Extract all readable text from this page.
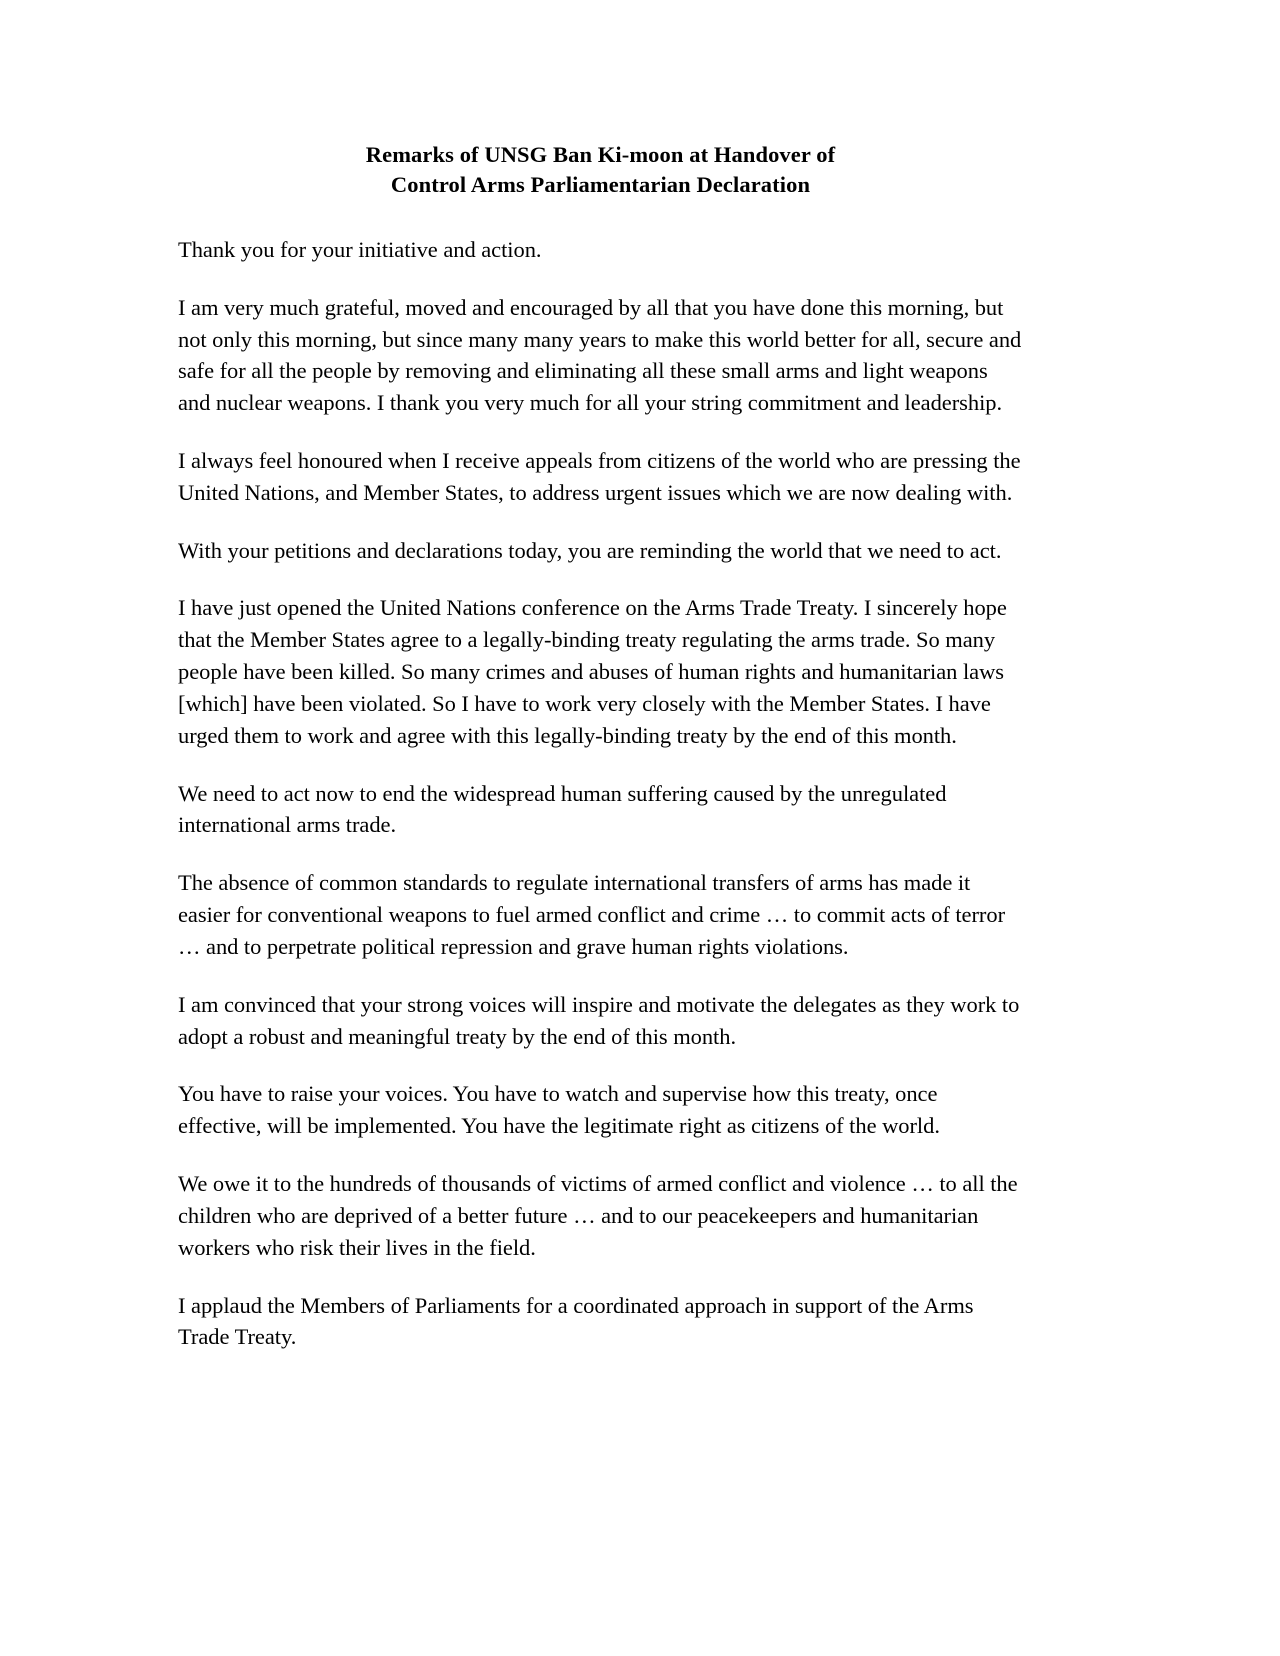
Remarks of UNSG Ban Ki-moon at Handover of
Control Arms Parliamentarian Declaration

Thank you for your initiative and action.

I am very much grateful, moved and encouraged by all that you have done this morning, but not only this morning, but since many many years to make this world better for all, secure and safe for all the people by removing and eliminating all these small arms and light weapons and nuclear weapons. I thank you very much for all your string commitment and leadership.

I always feel honoured when I receive appeals from citizens of the world who are pressing the United Nations, and Member States, to address urgent issues which we are now dealing with.

With your petitions and declarations today, you are reminding the world that we need to act.

I have just opened the United Nations conference on the Arms Trade Treaty. I sincerely hope that the Member States agree to a legally-binding treaty regulating the arms trade. So many people have been killed. So many crimes and abuses of human rights and humanitarian laws [which] have been violated. So I have to work very closely with the Member States. I have urged them to work and agree with this legally-binding treaty by the end of this month.

We need to act now to end the widespread human suffering caused by the unregulated international arms trade.

The absence of common standards to regulate international transfers of arms has made it easier for conventional weapons to fuel armed conflict and crime … to commit acts of terror … and to perpetrate political repression and grave human rights violations.

I am convinced that your strong voices will inspire and motivate the delegates as they work to adopt a robust and meaningful treaty by the end of this month.

You have to raise your voices. You have to watch and supervise how this treaty, once effective, will be implemented. You have the legitimate right as citizens of the world.

We owe it to the hundreds of thousands of victims of armed conflict and violence … to all the children who are deprived of a better future … and to our peacekeepers and humanitarian workers who risk their lives in the field.

I applaud the Members of Parliaments for a coordinated approach in support of the Arms Trade Treaty.
